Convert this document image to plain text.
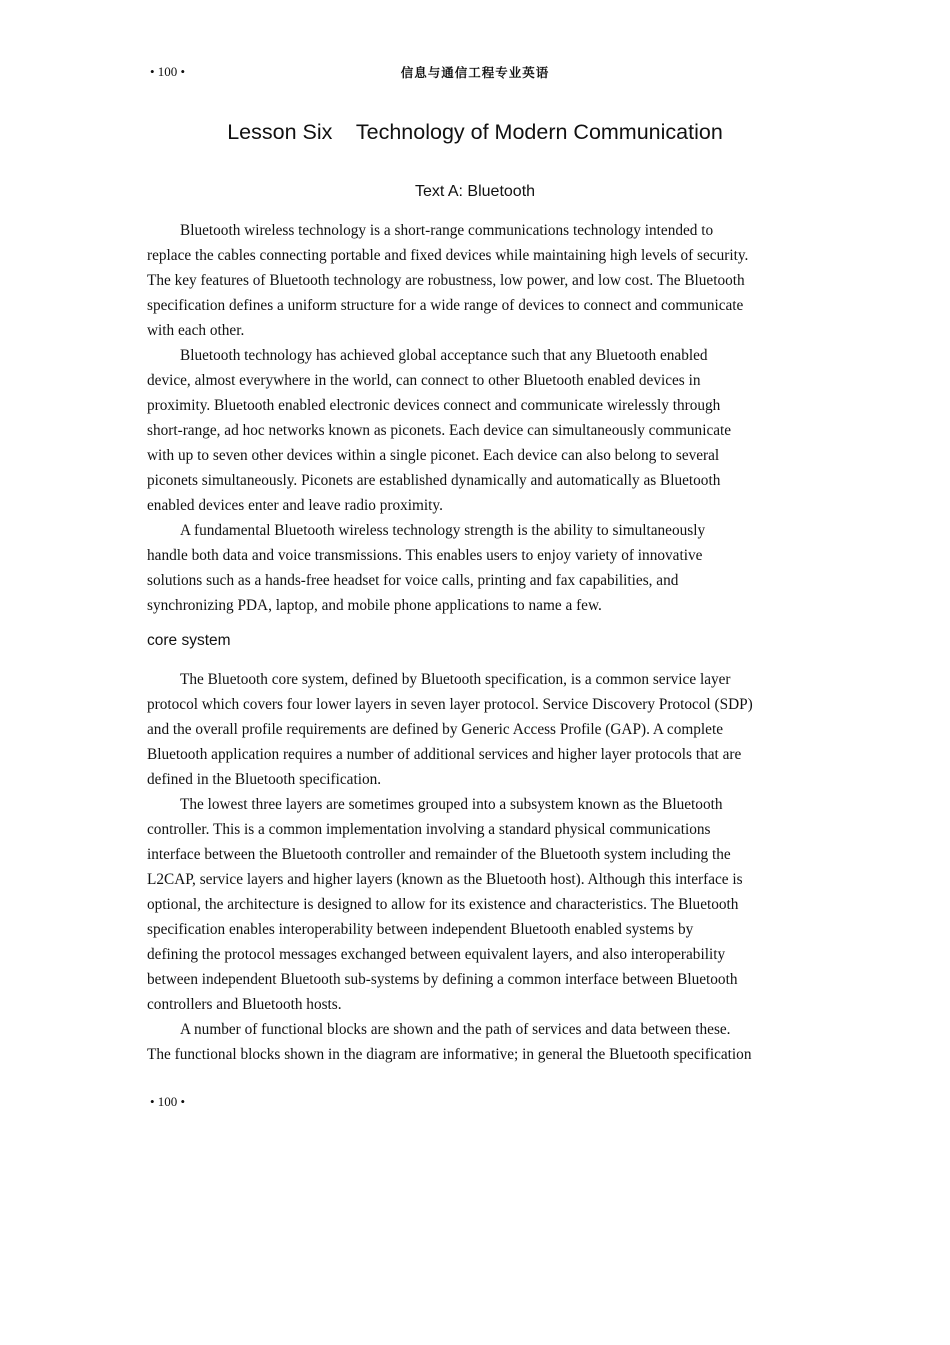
• 100 •	信息与通信工程专业英语
Lesson Six    Technology of Modern Communication
Text A: Bluetooth

Bluetooth wireless technology is a short-range communications technology intended to
replace the cables connecting portable and fixed devices while maintaining high levels of security.
The key features of Bluetooth technology are robustness, low power, and low cost. The Bluetooth
specification defines a uniform structure for a wide range of devices to connect and communicate
with each other.

Bluetooth technology has achieved global acceptance such that any Bluetooth enabled
device, almost everywhere in the world, can connect to other Bluetooth enabled devices in
proximity. Bluetooth enabled electronic devices connect and communicate wirelessly through
short-range, ad hoc networks known as piconets. Each device can simultaneously communicate
with up to seven other devices within a single piconet. Each device can also belong to several
piconets simultaneously. Piconets are established dynamically and automatically as Bluetooth
enabled devices enter and leave radio proximity.

A fundamental Bluetooth wireless technology strength is the ability to simultaneously
handle both data and voice transmissions. This enables users to enjoy variety of innovative
solutions such as a hands-free headset for voice calls, printing and fax capabilities, and
synchronizing PDA, laptop, and mobile phone applications to name a few.

core system

The Bluetooth core system, defined by Bluetooth specification, is a common service layer
protocol which covers four lower layers in seven layer protocol. Service Discovery Protocol (SDP)
and the overall profile requirements are defined by Generic Access Profile (GAP). A complete
Bluetooth application requires a number of additional services and higher layer protocols that are
defined in the Bluetooth specification.

The lowest three layers are sometimes grouped into a subsystem known as the Bluetooth
controller. This is a common implementation involving a standard physical communications
interface between the Bluetooth controller and remainder of the Bluetooth system including the
L2CAP, service layers and higher layers (known as the Bluetooth host). Although this interface is
optional, the architecture is designed to allow for its existence and characteristics. The Bluetooth
specification enables interoperability between independent Bluetooth enabled systems by
defining the protocol messages exchanged between equivalent layers, and also interoperability
between independent Bluetooth sub-systems by defining a common interface between Bluetooth
controllers and Bluetooth hosts.

A number of functional blocks are shown and the path of services and data between these.
The functional blocks shown in the diagram are informative; in general the Bluetooth specification

• 100 •
